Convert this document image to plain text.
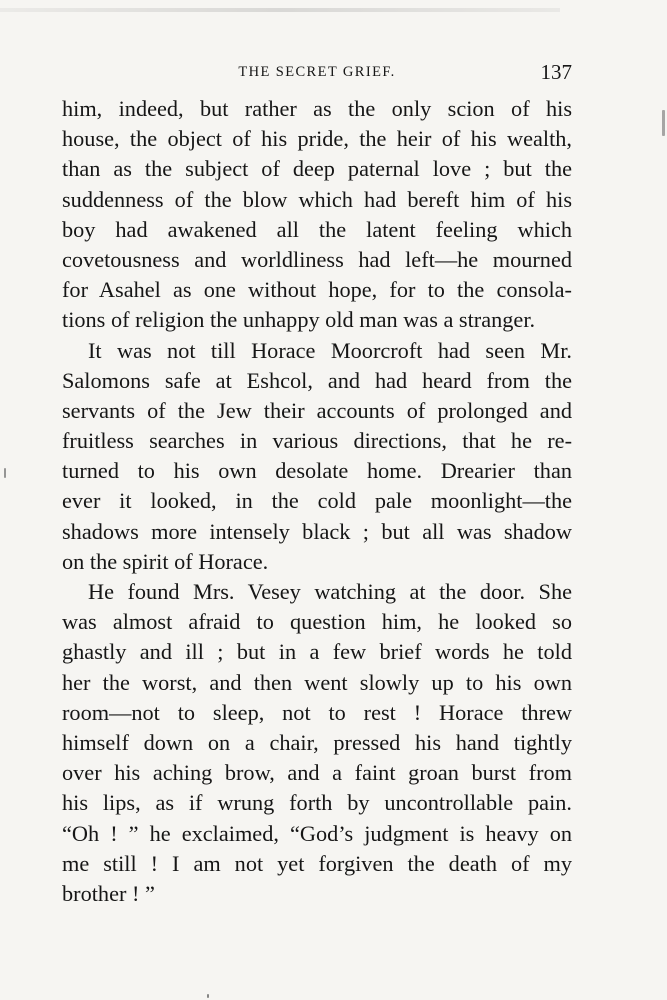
THE SECRET GRIEF.	137
him, indeed, but rather as the only scion of his
house, the object of his pride, the heir of his wealth,
than as the subject of deep paternal love ; but the
suddenness of the blow which had bereft him of his
boy had awakened all the latent feeling which
covetousness and worldliness had left—he mourned
for Asahel as one without hope, for to the consola-
tions of religion the unhappy old man was a stranger.
It was not till Horace Moorcroft had seen Mr.
Salomons safe at Eshcol, and had heard from the
servants of the Jew their accounts of prolonged and
fruitless searches in various directions, that he re-
turned to his own desolate home. Drearier than
ever it looked, in the cold pale moonlight—the
shadows more intensely black ; but all was shadow
on the spirit of Horace.
He found Mrs. Vesey watching at the door. She
was almost afraid to question him, he looked so
ghastly and ill ; but in a few brief words he told
her the worst, and then went slowly up to his own
room—not to sleep, not to rest ! Horace threw
himself down on a chair, pressed his hand tightly
over his aching brow, and a faint groan burst from
his lips, as if wrung forth by uncontrollable pain.
“Oh ! ” he exclaimed, “God’s judgment is heavy on
me still ! I am not yet forgiven the death of my
brother ! ”
